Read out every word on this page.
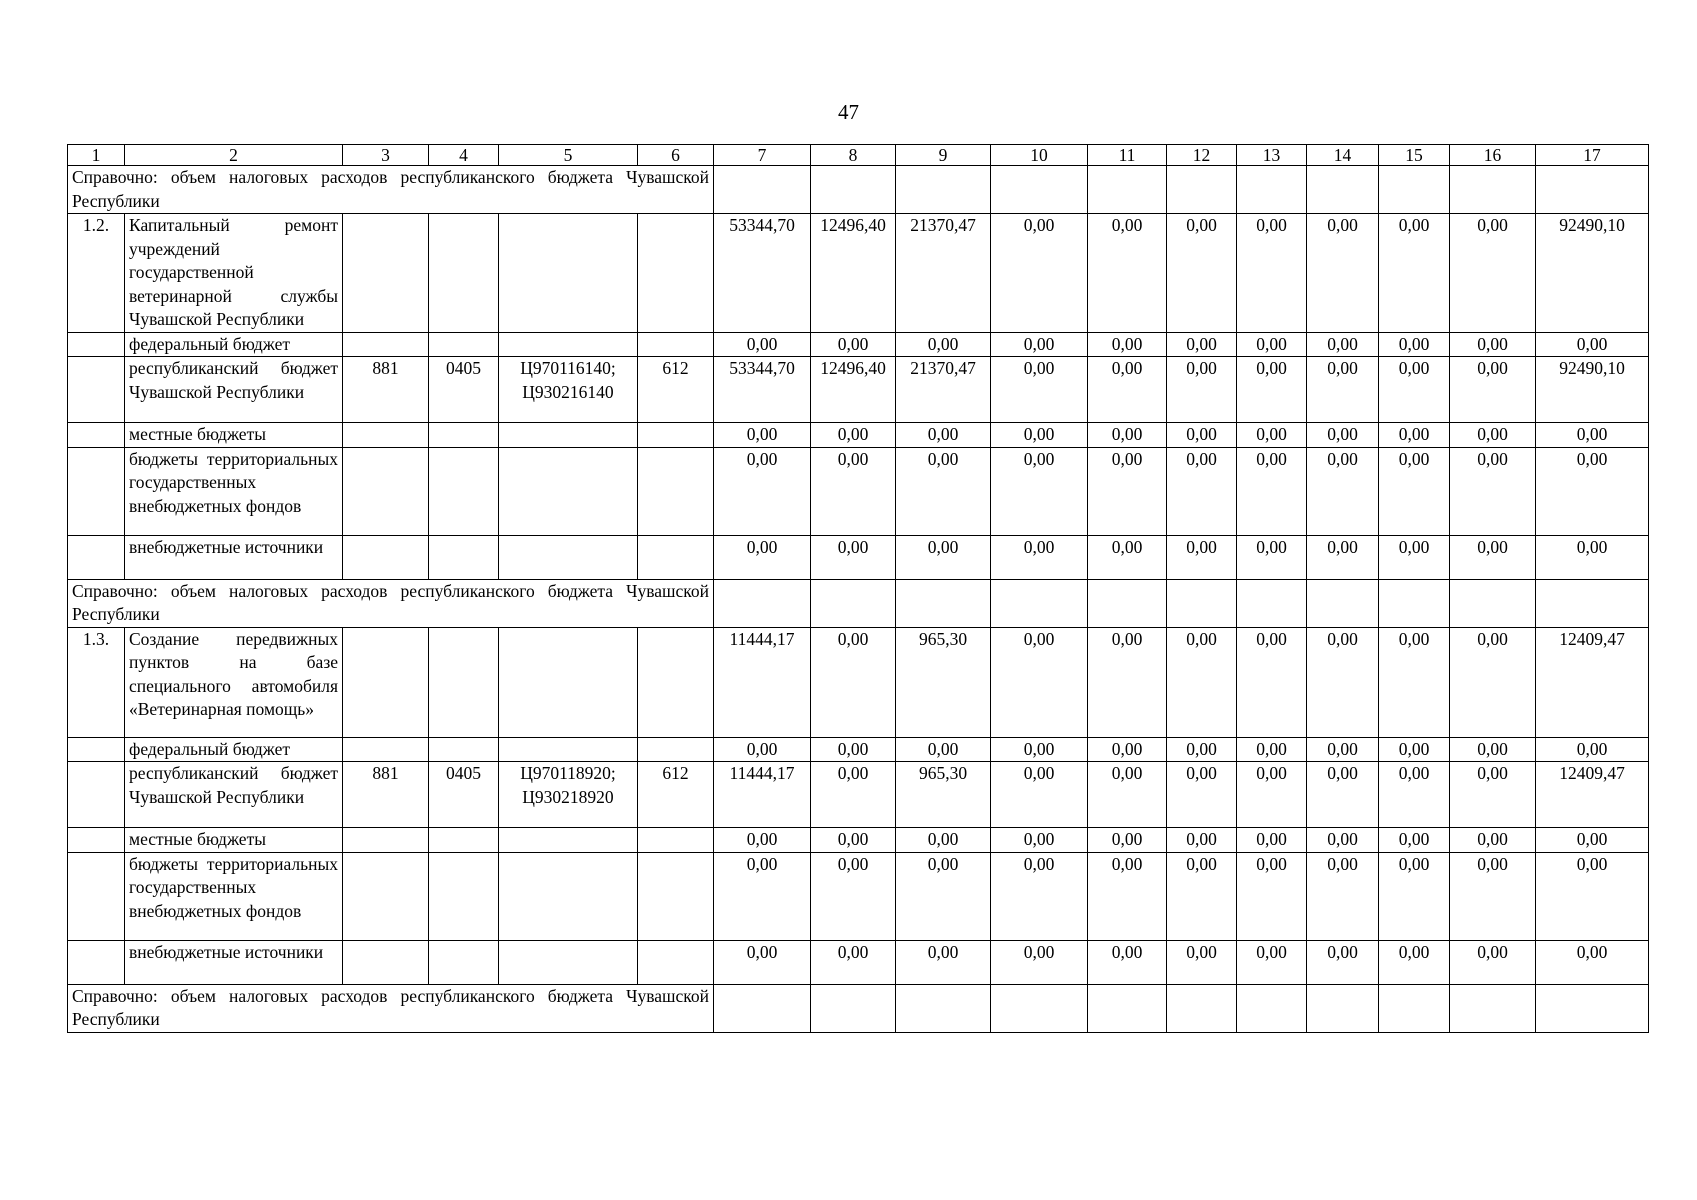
47
1	2	3	4	5	6	7	8	9	10	11	12	13	14	15	16	17
Справочно: объем налоговых расходов республиканского бюджета Чувашской Республики																
1.2.	Капитальный ремонт учреждений государственной ветеринарной службы Чувашской Республики					53344,70	12496,40	21370,47	0,00	0,00	0,00	0,00	0,00	0,00	0,00	92490,10
	федеральный бюджет					0,00	0,00	0,00	0,00	0,00	0,00	0,00	0,00	0,00	0,00	0,00
	республиканский бюджет Чувашской Республики	881	0405	Ц970116140; Ц930216140	612	53344,70	12496,40	21370,47	0,00	0,00	0,00	0,00	0,00	0,00	0,00	92490,10
	местные бюджеты					0,00	0,00	0,00	0,00	0,00	0,00	0,00	0,00	0,00	0,00	0,00
	бюджеты территориальных государственных внебюджетных фондов					0,00	0,00	0,00	0,00	0,00	0,00	0,00	0,00	0,00	0,00	0,00
	внебюджетные источники					0,00	0,00	0,00	0,00	0,00	0,00	0,00	0,00	0,00	0,00	0,00
Справочно: объем налоговых расходов республиканского бюджета Чувашской Республики																
1.3.	Создание передвижных пунктов на базе специального автомобиля «Ветеринарная помощь»					11444,17	0,00	965,30	0,00	0,00	0,00	0,00	0,00	0,00	0,00	12409,47
	федеральный бюджет					0,00	0,00	0,00	0,00	0,00	0,00	0,00	0,00	0,00	0,00	0,00
	республиканский бюджет Чувашской Республики	881	0405	Ц970118920; Ц930218920	612	11444,17	0,00	965,30	0,00	0,00	0,00	0,00	0,00	0,00	0,00	12409,47
	местные бюджеты					0,00	0,00	0,00	0,00	0,00	0,00	0,00	0,00	0,00	0,00	0,00
	бюджеты территориальных государственных внебюджетных фондов					0,00	0,00	0,00	0,00	0,00	0,00	0,00	0,00	0,00	0,00	0,00
	внебюджетные источники					0,00	0,00	0,00	0,00	0,00	0,00	0,00	0,00	0,00	0,00	0,00
Справочно: объем налоговых расходов республиканского бюджета Чувашской Республики																
